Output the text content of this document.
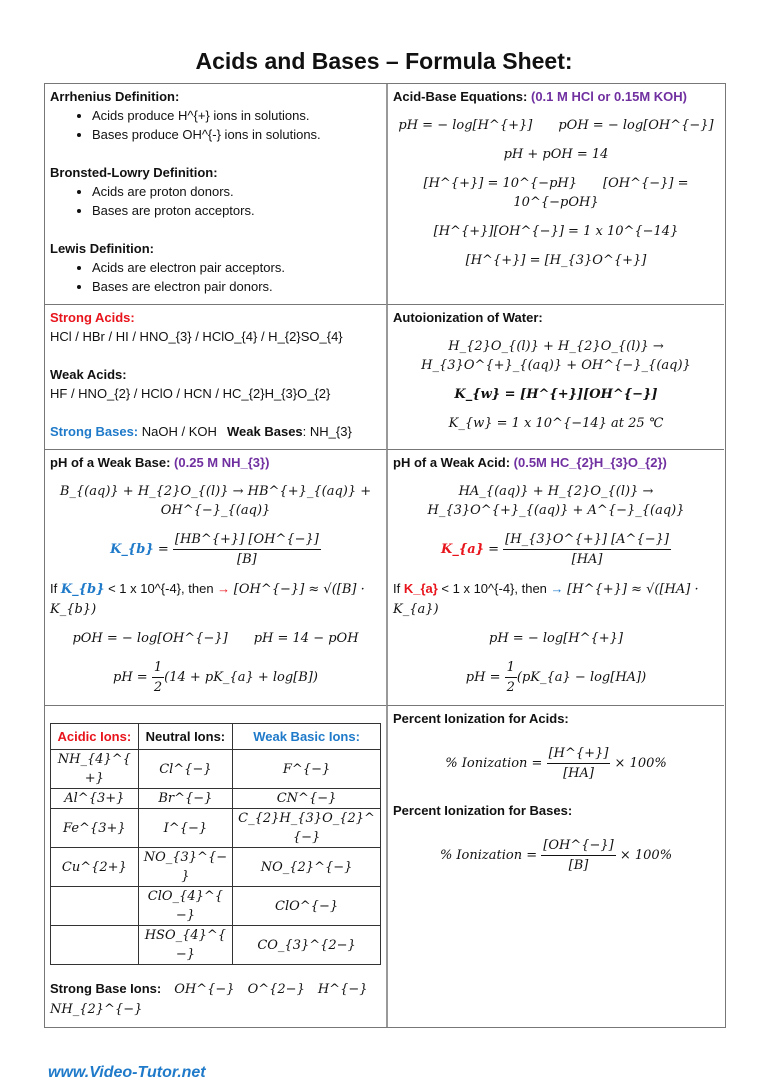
Acids and Bases – Formula Sheet:
Arrhenius Definition:
• Acids produce H^{+} ions in solutions.
• Bases produce OH^{-} ions in solutions.
Bronsted-Lowry Definition:
• Acids are proton donors.
• Bases are proton acceptors.
Lewis Definition:
• Acids are electron pair acceptors.
• Bases are electron pair donors.
Acid-Base Equations: (0.1 M HCl or 0.15M KOH)
pH = − log[H^{+}]   pOH = − log[OH^{−}]
pH + pOH = 14
[H^{+}] = 10^{−pH}   [OH^{−}] = 10^{−pOH}
[H^{+}][OH^{−}] = 1 x 10^{−14}
[H^{+}] = [H_{3}O^{+}]
Strong Acids:
HCl / HBr / HI / HNO_{3} / HClO_{4} / H_{2}SO_{4}
Weak Acids:
HF / HNO_{2} / HClO / HCN / HC_{2}H_{3}O_{2}
Strong Bases: NaOH / KOH  Weak Bases: NH_{3}
Autoionization of Water:
H_{2}O_{(l)} + H_{2}O_{(l)} → H_{3}O^{+}_{(aq)} + OH^{−}_{(aq)}
K_{w} = [H^{+}][OH^{−}]
K_{w} = 1 x 10^{−14} at 25 ℃
pH of a Weak Base: (0.25 M NH_{3})
B_{(aq)} + H_{2}O_{(l)} → HB^{+}_{(aq)} + OH^{−}_{(aq)}
K_{b} = $\frac{[HB\^{}\{+\}] [OH\^{}\{-\}]}{[B]}$
If K_{b} < 1 x 10^{-4}, then → [OH^{−}] ≈ √([B] · K_{b})
pOH = − log[OH^{−}]   pH = 14 − pOH
pH = $\frac{1}{2} (14$ + pK_{a} + log[B])
pH of a Weak Acid: (0.5M HC_{2}H_{3}O_{2})
HA_{(aq)} + H_{2}O_{(l)} → H_{3}O^{+}_{(aq)} + A^{−}_{(aq)}
K_{a} = $\frac{[H\_\{3\}O\^{}\{+\}] [A\^{}\{-\}]}{[HA]}$
If K_{a} < 1 x 10^{-4}, then → [H^{+}] ≈ √([HA] · K_{a})
pH = − log[H^{+}]
pH = $\frac{1}{2}$ (pK_{a} − log[HA])
Acidic Ions:	Neutral Ions:	Weak Basic Ions:
NH_{4}^{+}	Cl^{−}	F^{−}
Al^{3+}	Br^{−}	CN^{−}
Fe^{3+}	I^{−}	C_{2}H_{3}O_{2}^{−}
Cu^{2+}	NO_{3}^{−}	NO_{2}^{−}
	ClO_{4}^{−}	ClO^{−}
	HSO_{4}^{−}	CO_{3}^{2−}
Strong Base Ions:  OH^{−}  O^{2−}  H^{−} NH_{2}^{−}
Percent Ionization for Acids:
% Ionization = $\frac{[H\^{}\{+\}]}{[HA]} \times 100\%$
Percent Ionization for Bases:
% Ionization = $\frac{[OH\^{}\{-\}]}{[B]} \times 100\%$
www.Video-Tutor.net
